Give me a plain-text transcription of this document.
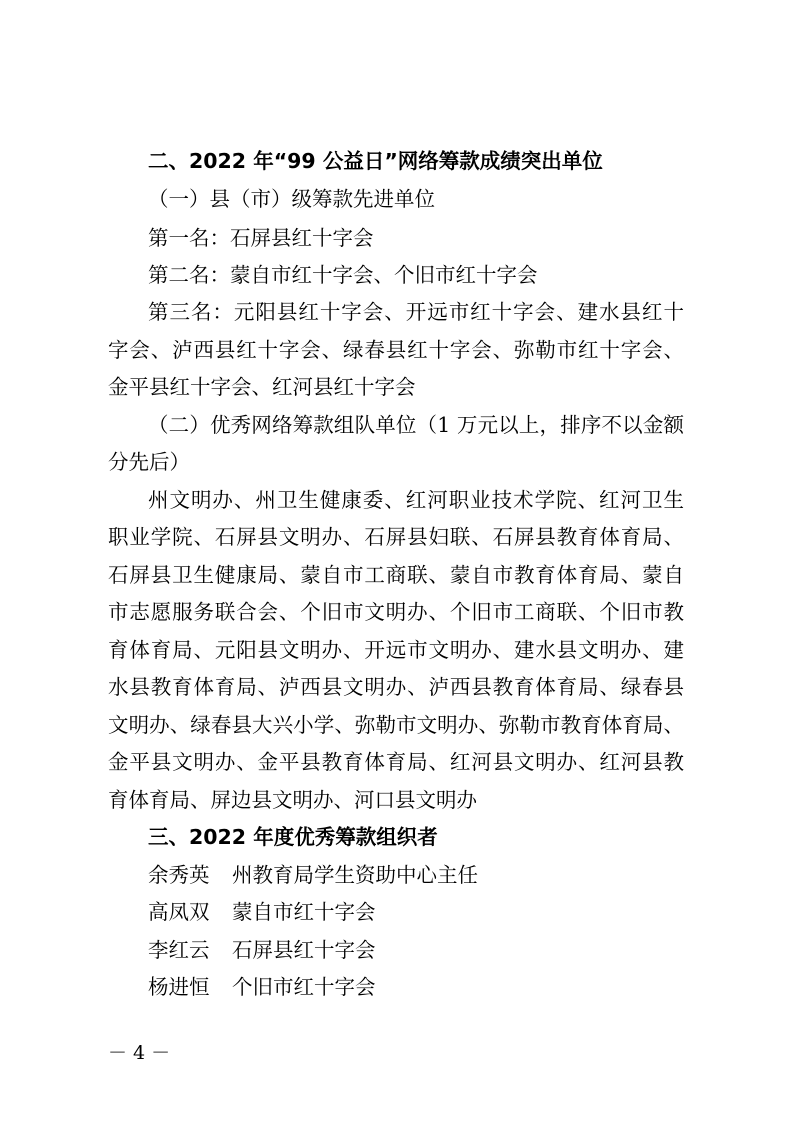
二、2022 年“99 公益日”网络筹款成绩突出单位

（一）县（市）级筹款先进单位

第一名：石屏县红十字会

第二名：蒙自市红十字会、个旧市红十字会

第三名：元阳县红十字会、开远市红十字会、建水县红十

字会、泸西县红十字会、绿春县红十字会、弥勒市红十字会、

金平县红十字会、红河县红十字会

（二）优秀网络筹款组队单位（1 万元以上，排序不以金额

分先后）

州文明办、州卫生健康委、红河职业技术学院、红河卫生

职业学院、石屏县文明办、石屏县妇联、石屏县教育体育局、

石屏县卫生健康局、蒙自市工商联、蒙自市教育体育局、蒙自

市志愿服务联合会、个旧市文明办、个旧市工商联、个旧市教

育体育局、元阳县文明办、开远市文明办、建水县文明办、建

水县教育体育局、泸西县文明办、泸西县教育体育局、绿春县

文明办、绿春县大兴小学、弥勒市文明办、弥勒市教育体育局、

金平县文明办、金平县教育体育局、红河县文明办、红河县教

育体育局、屏边县文明办、河口县文明办

三、2022 年度优秀筹款组织者

余秀英 州教育局学生资助中心主任
高凤双 蒙自市红十字会
李红云 石屏县红十字会
杨进恒 个旧市红十字会
－ 4 －
